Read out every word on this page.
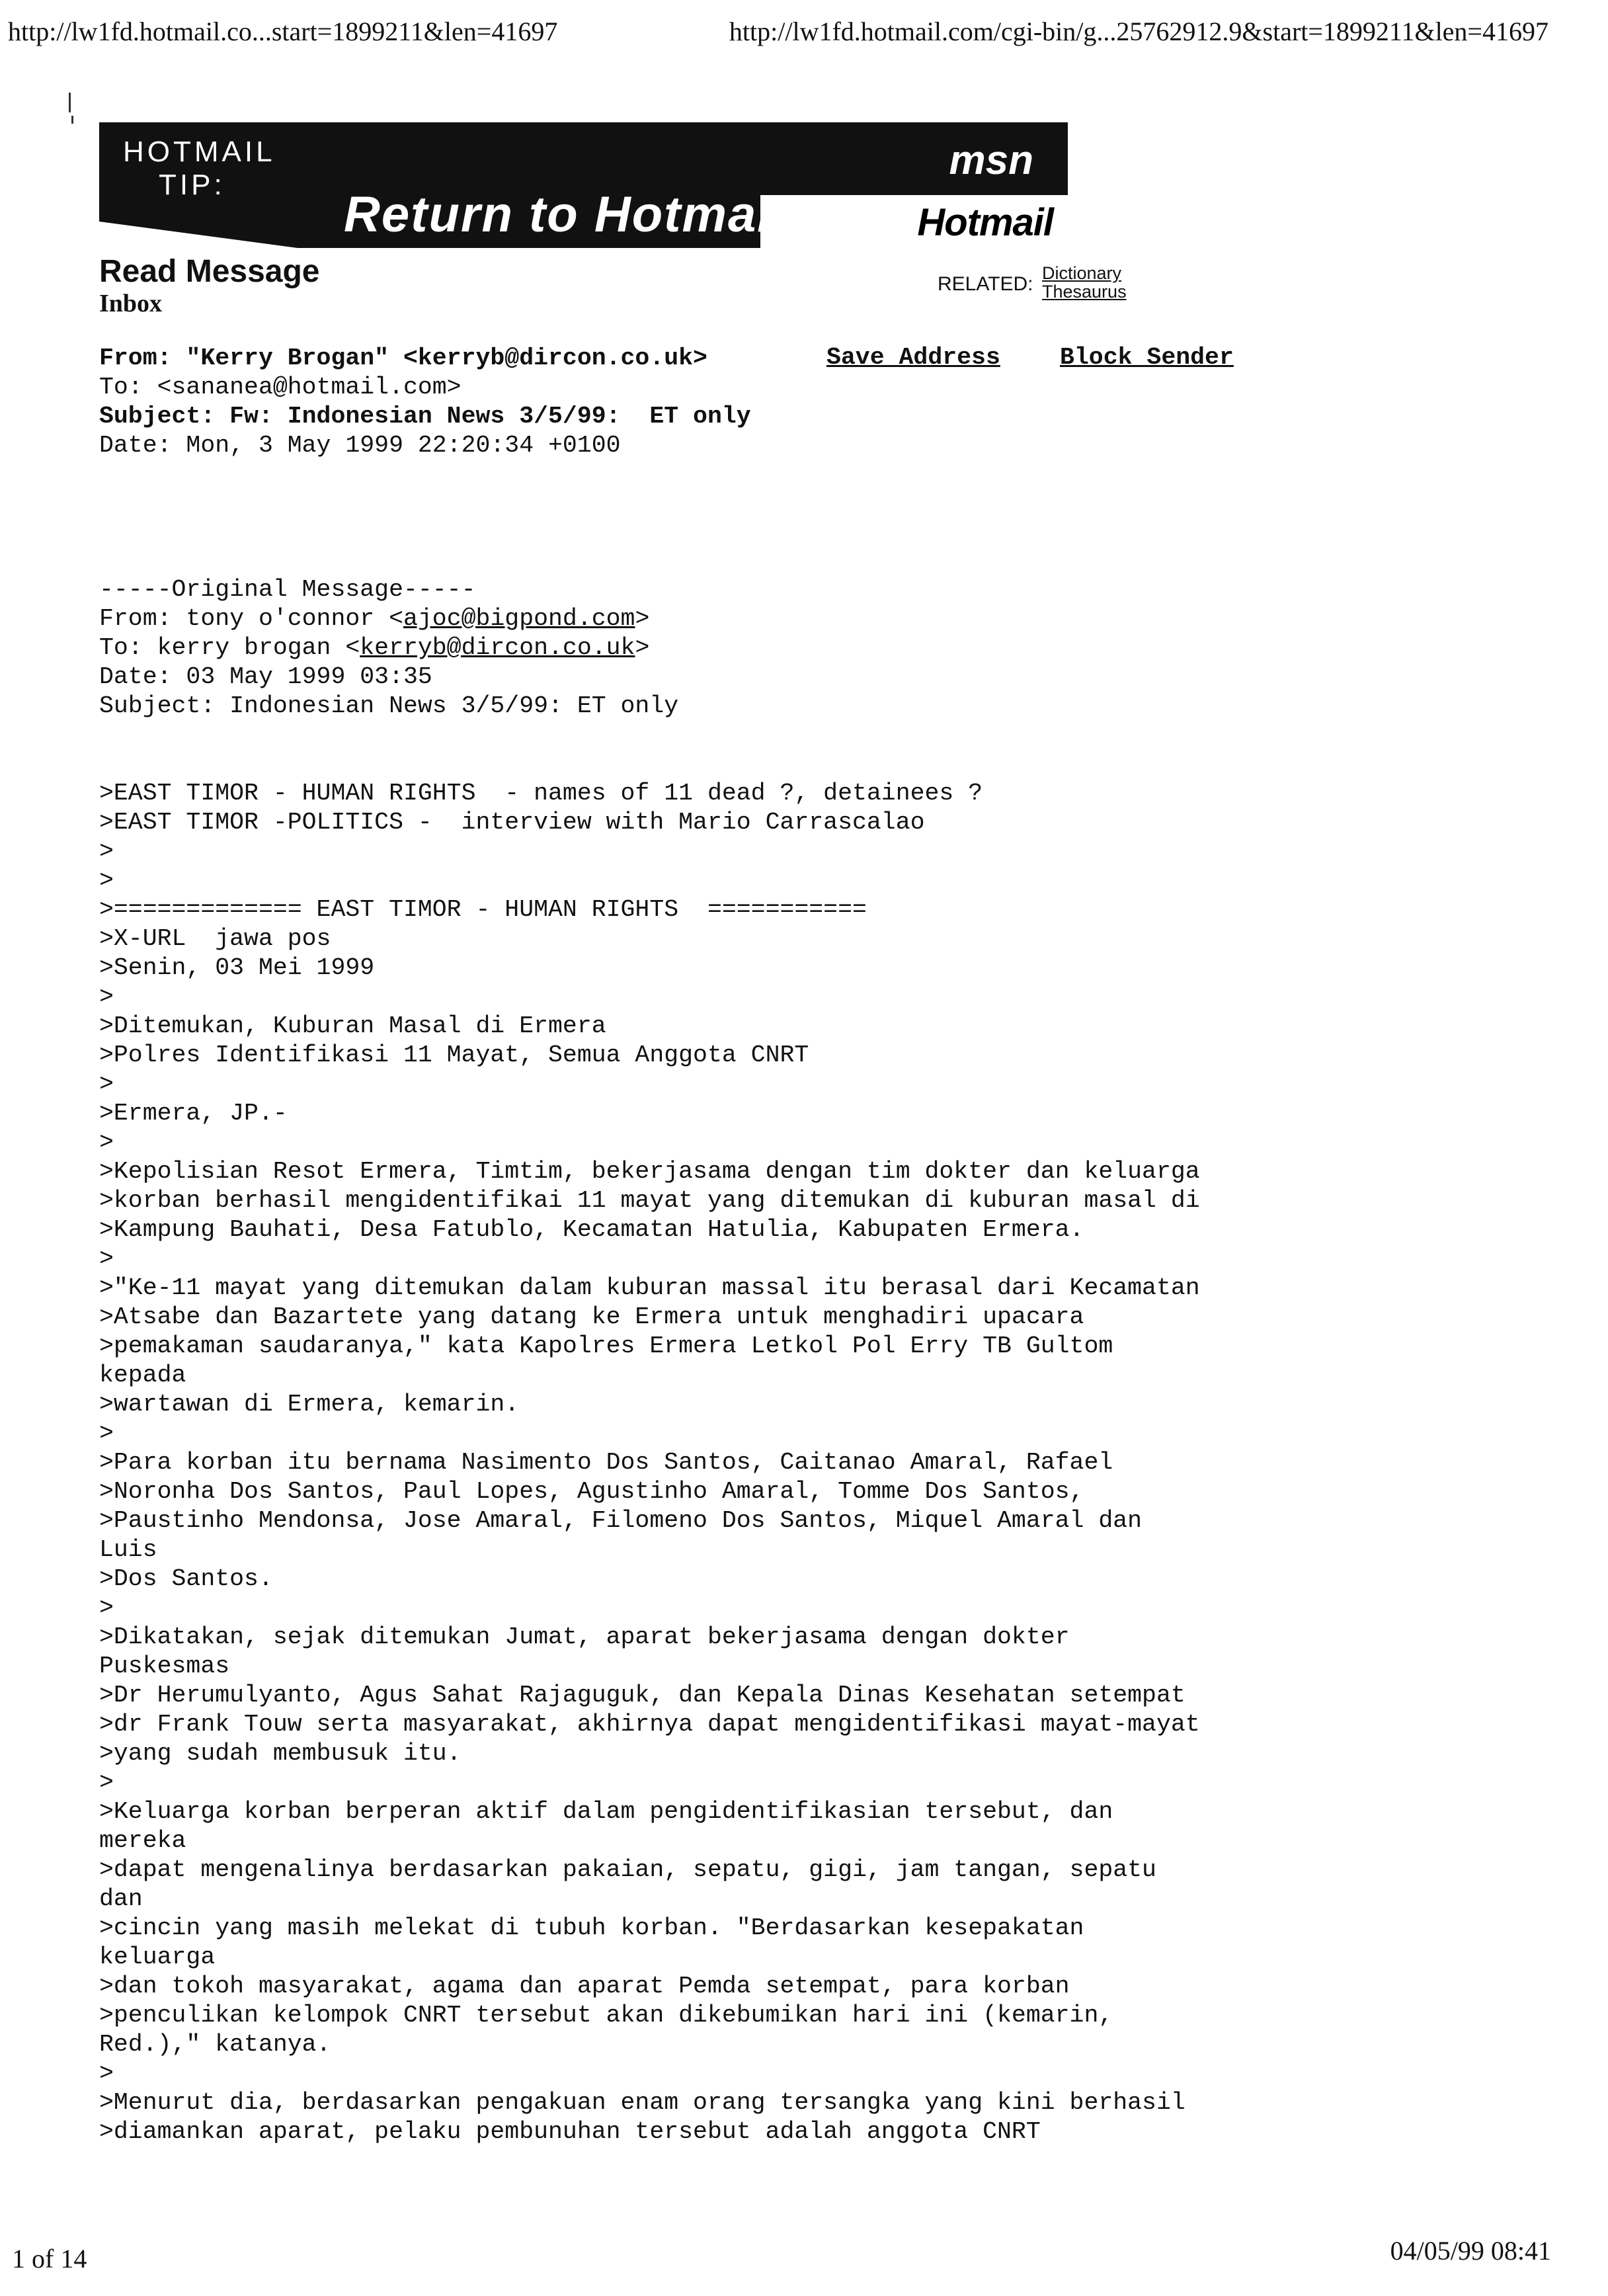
http://lw1fd.hotmail.co...start=1899211&len=41697	http://lw1fd.hotmail.com/cgi-bin/g...25762912.9&start=1899211&len=41697
HOTMAIL
TIP:
Return to Hotmail
msn
Hotmail
Read Message
Inbox
RELATED: Dictionary
Thesaurus
From: "Kerry Brogan" <kerryb@dircon.co.uk>	Save Address Block Sender
To: <sananea@hotmail.com>
Subject: Fw: Indonesian News 3/5/99:  ET only
Date: Mon, 3 May 1999 22:20:34 +0100
-----Original Message-----
From: tony o'connor <ajoc@bigpond.com>
To: kerry brogan <kerryb@dircon.co.uk>
Date: 03 May 1999 03:35
Subject: Indonesian News 3/5/99: ET only
>EAST TIMOR - HUMAN RIGHTS  - names of 11 dead ?, detainees ?
>EAST TIMOR -POLITICS -  interview with Mario Carrascalao
>
>
>============= EAST TIMOR - HUMAN RIGHTS  ===========
>X-URL  jawa pos
>Senin, 03 Mei 1999
>
>Ditemukan, Kuburan Masal di Ermera
>Polres Identifikasi 11 Mayat, Semua Anggota CNRT
>
>Ermera, JP.-
>
>Kepolisian Resot Ermera, Timtim, bekerjasama dengan tim dokter dan keluarga
>korban berhasil mengidentifikai 11 mayat yang ditemukan di kuburan masal di
>Kampung Bauhati, Desa Fatublo, Kecamatan Hatulia, Kabupaten Ermera.
>
>"Ke-11 mayat yang ditemukan dalam kuburan massal itu berasal dari Kecamatan
>Atsabe dan Bazartete yang datang ke Ermera untuk menghadiri upacara
>pemakaman saudaranya," kata Kapolres Ermera Letkol Pol Erry TB Gultom
kepada
>wartawan di Ermera, kemarin.
>
>Para korban itu bernama Nasimento Dos Santos, Caitanao Amaral, Rafael
>Noronha Dos Santos, Paul Lopes, Agustinho Amaral, Tomme Dos Santos,
>Paustinho Mendonsa, Jose Amaral, Filomeno Dos Santos, Miquel Amaral dan
Luis
>Dos Santos.
>
>Dikatakan, sejak ditemukan Jumat, aparat bekerjasama dengan dokter
Puskesmas
>Dr Herumulyanto, Agus Sahat Rajaguguk, dan Kepala Dinas Kesehatan setempat
>dr Frank Touw serta masyarakat, akhirnya dapat mengidentifikasi mayat-mayat
>yang sudah membusuk itu.
>
>Keluarga korban berperan aktif dalam pengidentifikasian tersebut, dan
mereka
>dapat mengenalinya berdasarkan pakaian, sepatu, gigi, jam tangan, sepatu
dan
>cincin yang masih melekat di tubuh korban. "Berdasarkan kesepakatan
keluarga
>dan tokoh masyarakat, agama dan aparat Pemda setempat, para korban
>penculikan kelompok CNRT tersebut akan dikebumikan hari ini (kemarin,
Red.)," katanya.
>
>Menurut dia, berdasarkan pengakuan enam orang tersangka yang kini berhasil
>diamankan aparat, pelaku pembunuhan tersebut adalah anggota CNRT
1 of 14	04/05/99 08:41
